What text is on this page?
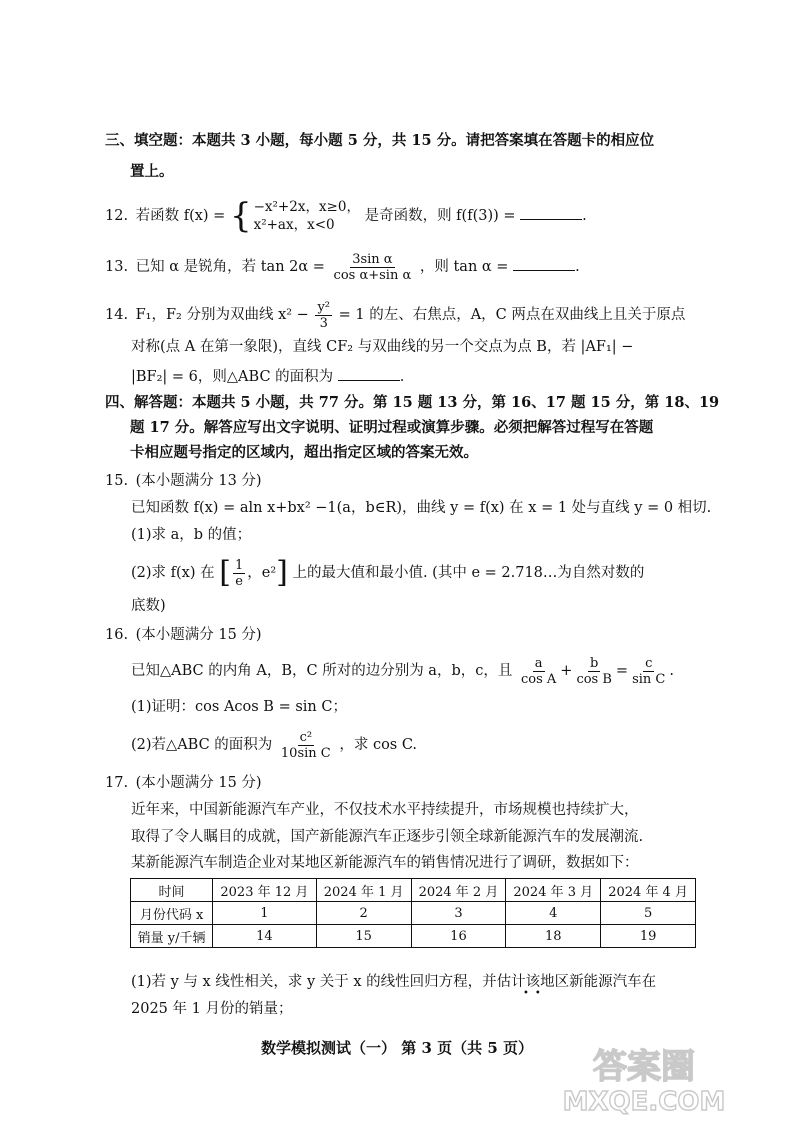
三、填空题：本题共 3 小题，每小题 5 分，共 15 分。请把答案填在答题卡的相应位
置上。
12. 若函数 f(x) = { −x²+2x，x≥0，
x²+ax，x<0
是奇函数，则 f(f(3)) =	.
13. 已知 α 是锐角，若 $\tan 2\alpha = \frac{\text{3sin α}}{\text{cos α+sin α}}$ ，则 tan α =	.
14. F₁，F₂ 分别为双曲线 $x^2 - \frac{\text{y²}}{3} = 1$ 的左、右焦点，A，C 两点在双曲线上且关于原点
对称(点 A 在第一象限)，直线 CF₂ 与双曲线的另一个交点为点 B，若 |AF₁| −
|BF₂| = 6，则△ABC 的面积为	.
四、解答题：本题共 5 小题，共 77 分。第 15 题 13 分，第 16、17 题 15 分，第 18、19
题 17 分。解答应写出文字说明、证明过程或演算步骤。必须把解答过程写在答题
卡相应题号指定的区域内，超出指定区域的答案无效。
15. (本小题满分 13 分)
已知函数 f(x) = aln x+bx² −1(a，b∈R)，曲线 y = f(x) 在 x = 1 处与直线 y = 0 相切.
(1)求 a，b 的值；
(2)求 f(x) 在 [ $\frac{1}{e}$ ，e²] 上的最大值和最小值. (其中 e = 2.718…为自然对数的
底数)
16. (本小题满分 15 分)
已知△ABC 的内角 A，B，C 所对的边分别为 a，b，c，且 $\frac{a}{\text{cos A}} + \frac{b}{\text{cos B}} = \frac{c}{\text{sin C}}$ .
(1)证明：cos Acos B = sin C；
(2)若△ABC 的面积为 $\frac{\text{c²}}{\text{10sin C}}$ ，求 cos C.
17. (本小题满分 15 分)
近年来，中国新能源汽车产业，不仅技术水平持续提升，市场规模也持续扩大，
取得了令人瞩目的成就，国产新能源汽车正逐步引领全球新能源汽车的发展潮流.
某新能源汽车制造企业对某地区新能源汽车的销售情况进行了调研，数据如下：
时间	2023 年 12 月	2024 年 1 月	2024 年 2 月	2024 年 3 月	2024 年 4 月
月份代码 x	1	2	3	4	5
销量 y/千辆	14	15	16	18	19
(1)若 y 与 x 线性相关，求 y 关于 x 的线性回归方程，并估计该地区新能源汽车在
••
2025 年 1 月份的销量；
数学模拟测试（一） 第 3 页（共 5 页）	答案圈
MXQE.COM
